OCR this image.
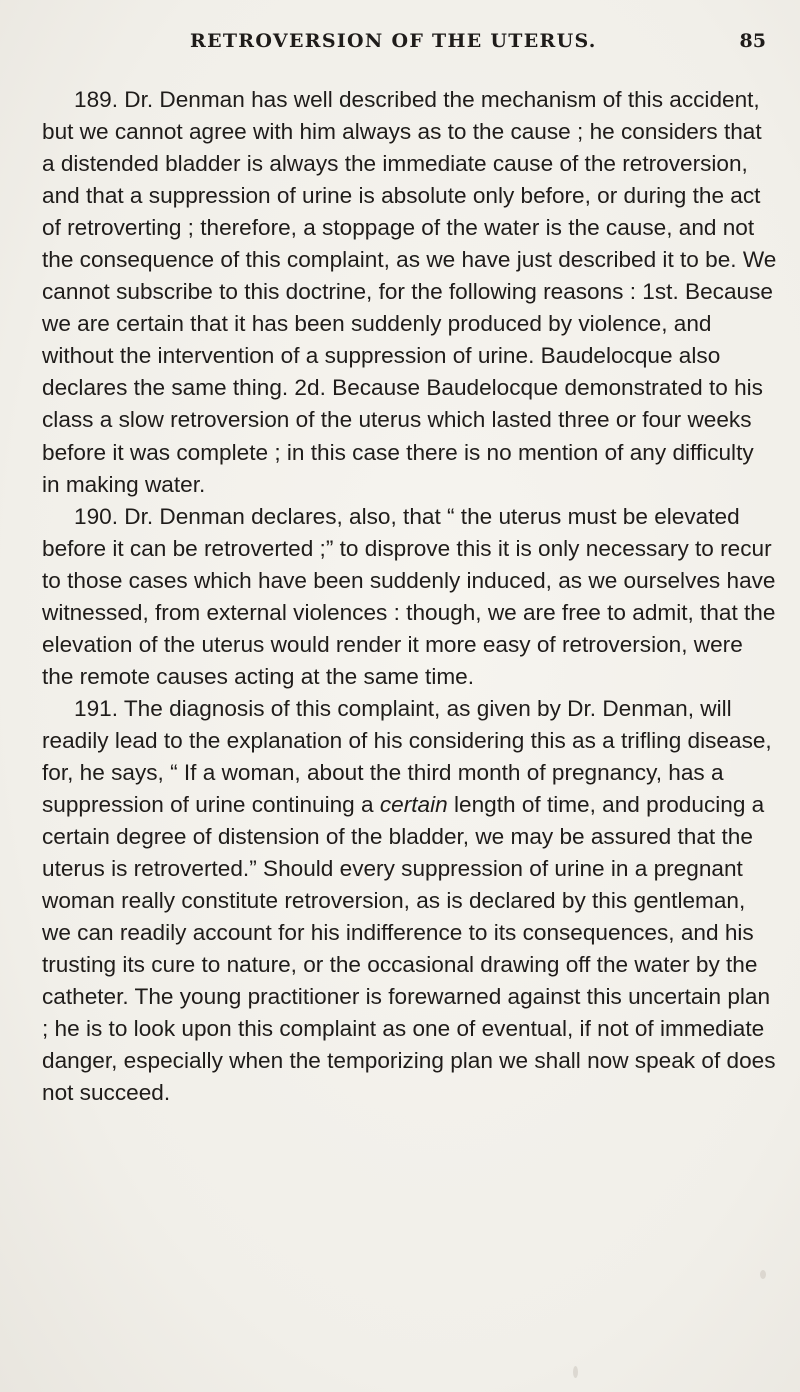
RETROVERSION OF THE UTERUS.	85

189. Dr. Denman has well described the mechanism of this accident, but we cannot agree with him always as to the cause ; he considers that a distended bladder is always the immediate cause of the retroversion, and that a suppression of urine is absolute only before, or during the act of retroverting ; therefore, a stoppage of the water is the cause, and not the consequence of this complaint, as we have just described it to be. We cannot subscribe to this doctrine, for the following reasons : 1st. Because we are certain that it has been suddenly produced by violence, and without the intervention of a suppression of urine. Baudelocque also declares the same thing. 2d. Because Baudelocque demonstrated to his class a slow retroversion of the uterus which lasted three or four weeks before it was complete ; in this case there is no mention of any difficulty in making water.

190. Dr. Denman declares, also, that “ the uterus must be elevated before it can be retroverted ;” to disprove this it is only necessary to recur to those cases which have been suddenly induced, as we ourselves have witnessed, from external violences : though, we are free to admit, that the elevation of the uterus would render it more easy of retroversion, were the remote causes acting at the same time.

191. The diagnosis of this complaint, as given by Dr. Denman, will readily lead to the explanation of his considering this as a trifling disease, for, he says, “ If a woman, about the third month of pregnancy, has a suppression of urine continuing a certain length of time, and producing a certain degree of distension of the bladder, we may be assured that the uterus is retroverted.” Should every suppression of urine in a pregnant woman really constitute retroversion, as is declared by this gentleman, we can readily account for his indifference to its consequences, and his trusting its cure to nature, or the occasional drawing off the water by the catheter. The young practitioner is forewarned against this uncertain plan ; he is to look upon this complaint as one of eventual, if not of immediate danger, especially when the temporizing plan we shall now speak of does not succeed.
